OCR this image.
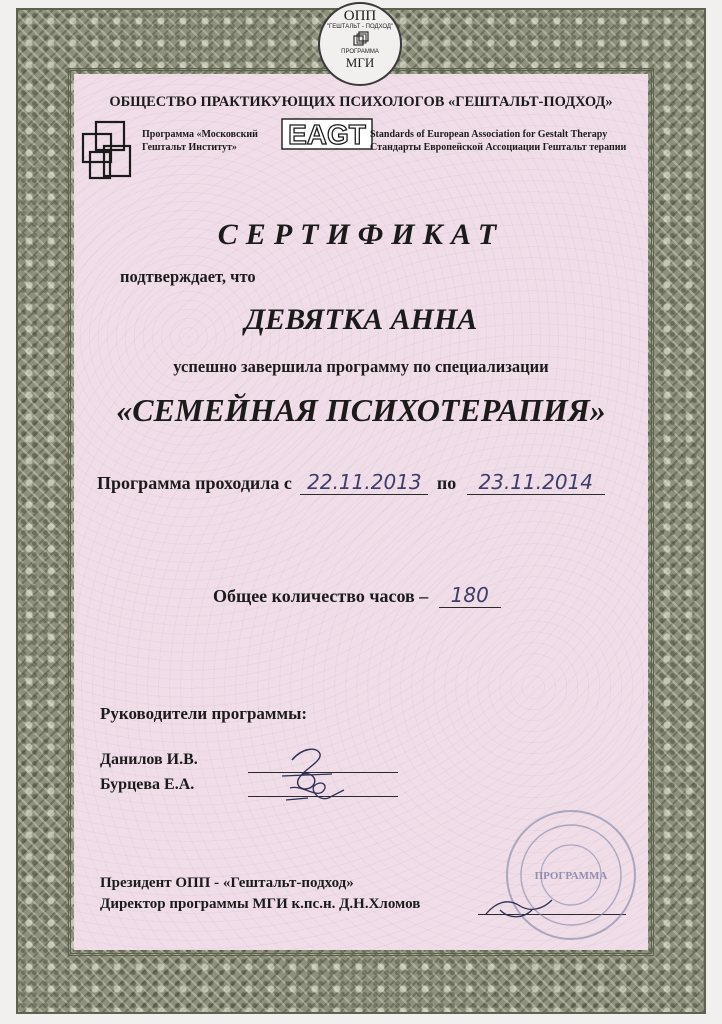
ОПП
"ГЕШТАЛЬТ - ПОДХОД"
ПРОГРАММА
МГИ
ОБЩЕСТВО ПРАКТИКУЮЩИХ ПСИХОЛОГОВ «ГЕШТАЛЬТ-ПОДХОД»
Программа «Московский
Гештальт Институт»	EAGT Standards of European Association for Gestalt Therapy
Стандарты Европейской Ассоциации Гештальт терапии
СЕРТИФИКАТ
подтверждает, что
ДЕВЯТКА АННА
успешно завершила программу по специализации
«СЕМЕЙНАЯ ПСИХОТЕРАПИЯ»
Программа проходила с 22.11.2013 по 23.11.2014
Общее количество часов – 180
Руководители программы:
Данилов И.В.
Бурцева Е.А.
Президент ОПП - «Гештальт-подход»
Директор программы МГИ к.пс.н. Д.Н.Хломов
ПРОГРАММА
